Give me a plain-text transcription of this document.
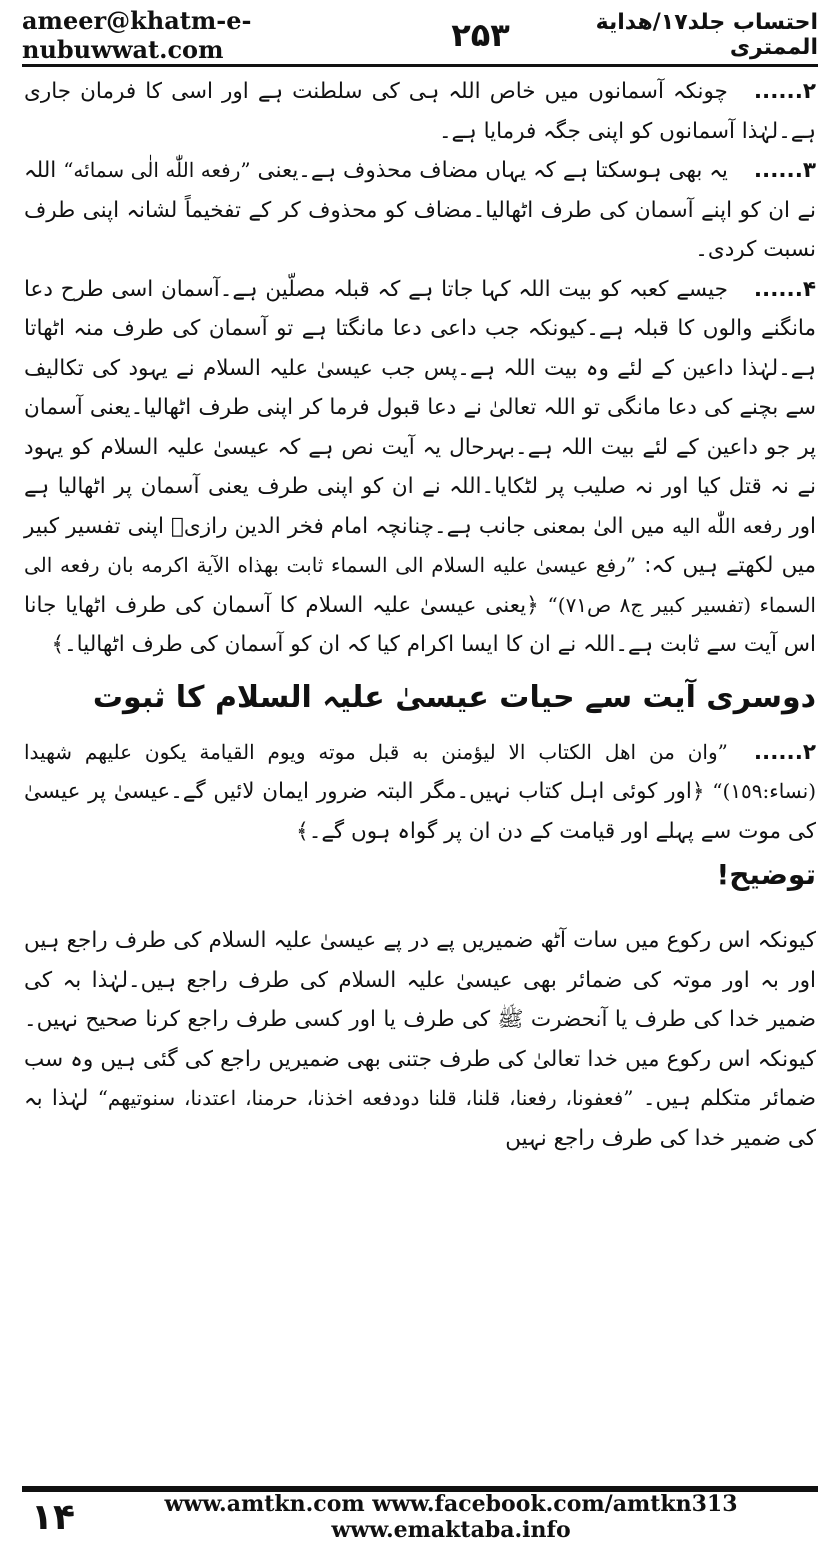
ameer@khatm-e-nubuwwat.com	۲۵۳	احتساب جلد۱۷/هداية الممترى

۲......چونکہ آسمانوں میں خاص اللہ ہی کی سلطنت ہے اور اسی کا فرمان جاری ہے۔لہٰذا آسمانوں کو اپنی جگہ فرمایا ہے۔

۳......یہ بھی ہوسکتا ہے کہ یہاں مضاف محذوف ہے۔یعنی ”رفعه اللّٰه الٰی سمائه“ اللہ نے ان کو اپنے آسمان کی طرف اٹھالیا۔مضاف کو محذوف کر کے تفخیماً لشانہ اپنی طرف نسبت کردی۔

۴......جیسے کعبہ کو بیت اللہ کہا جاتا ہے کہ قبلہ مصلّین ہے۔آسمان اسی طرح دعا مانگنے والوں کا قبلہ ہے۔کیونکہ جب داعی دعا مانگتا ہے تو آسمان کی طرف منہ اٹھاتا ہے۔لہٰذا داعین کے لئے وہ بیت اللہ ہے۔پس جب عیسیٰ علیہ السلام نے یہود کی تکالیف سے بچنے کی دعا مانگی تو اللہ تعالیٰ نے دعا قبول فرما کر اپنی طرف اٹھالیا۔یعنی آسمان پر جو داعین کے لئے بیت اللہ ہے۔بہرحال یہ آیت نص ہے کہ عیسیٰ علیہ السلام کو یہود نے نہ قتل کیا اور نہ صلیب پر لٹکایا۔اللہ نے ان کو اپنی طرف یعنی آسمان پر اٹھالیا ہے اور رفعه اللّٰه اليه میں الیٰ بمعنی جانب ہے۔چنانچہ امام فخر الدین رازیؒ اپنی تفسیر کبیر میں لکھتے ہیں کہ: ”رفع عيسىٰ عليه السلام الى السماء ثابت بهذاه الآية اكرمه بان رفعه الى السماء (تفسير كبير ج٨ ص٧١)“ ﴿یعنی عیسیٰ علیہ السلام کا آسمان کی طرف اٹھایا جانا اس آیت سے ثابت ہے۔اللہ نے ان کا ایسا اکرام کیا کہ ان کو آسمان کی طرف اٹھالیا۔﴾

دوسری آیت سے حیات عیسیٰ علیہ السلام کا ثبوت

۲......”وان من اهل الكتاب الا ليؤمنن به قبل موته ويوم القيامة يكون عليهم شهيدا (نساء:١٥٩)“ ﴿اور کوئی اہل کتاب نہیں۔مگر البتہ ضرور ایمان لائیں گے۔عیسیٰ پر عیسیٰ کی موت سے پہلے اور قیامت کے دن ان پر گواہ ہوں گے۔﴾

توضیح!

کیونکہ اس رکوع میں سات آٹھ ضمیریں پے در پے عیسیٰ علیہ السلام کی طرف راجع ہیں اور بہ اور موتہ کی ضمائر بھی عیسیٰ علیہ السلام کی طرف راجع ہیں۔لہٰذا بہ کی ضمیر خدا کی طرف یا آنحضرت ﷺ کی طرف یا اور کسی طرف راجع کرنا صحیح نہیں۔کیونکہ اس رکوع میں خدا تعالیٰ کی طرف جتنی بھی ضمیریں راجع کی گئی ہیں وہ سب ضمائر متکلم ہیں۔ ”فعفونا، رفعنا، قلنا، قلنا دودفعه اخذنا، حرمنا، اعتدنا، سنوتيهم“ لہٰذا بہ کی ضمیر خدا کی طرف راجع نہیں

۱۴	www.amtkn.com www.facebook.com/amtkn313 www.emaktaba.info
